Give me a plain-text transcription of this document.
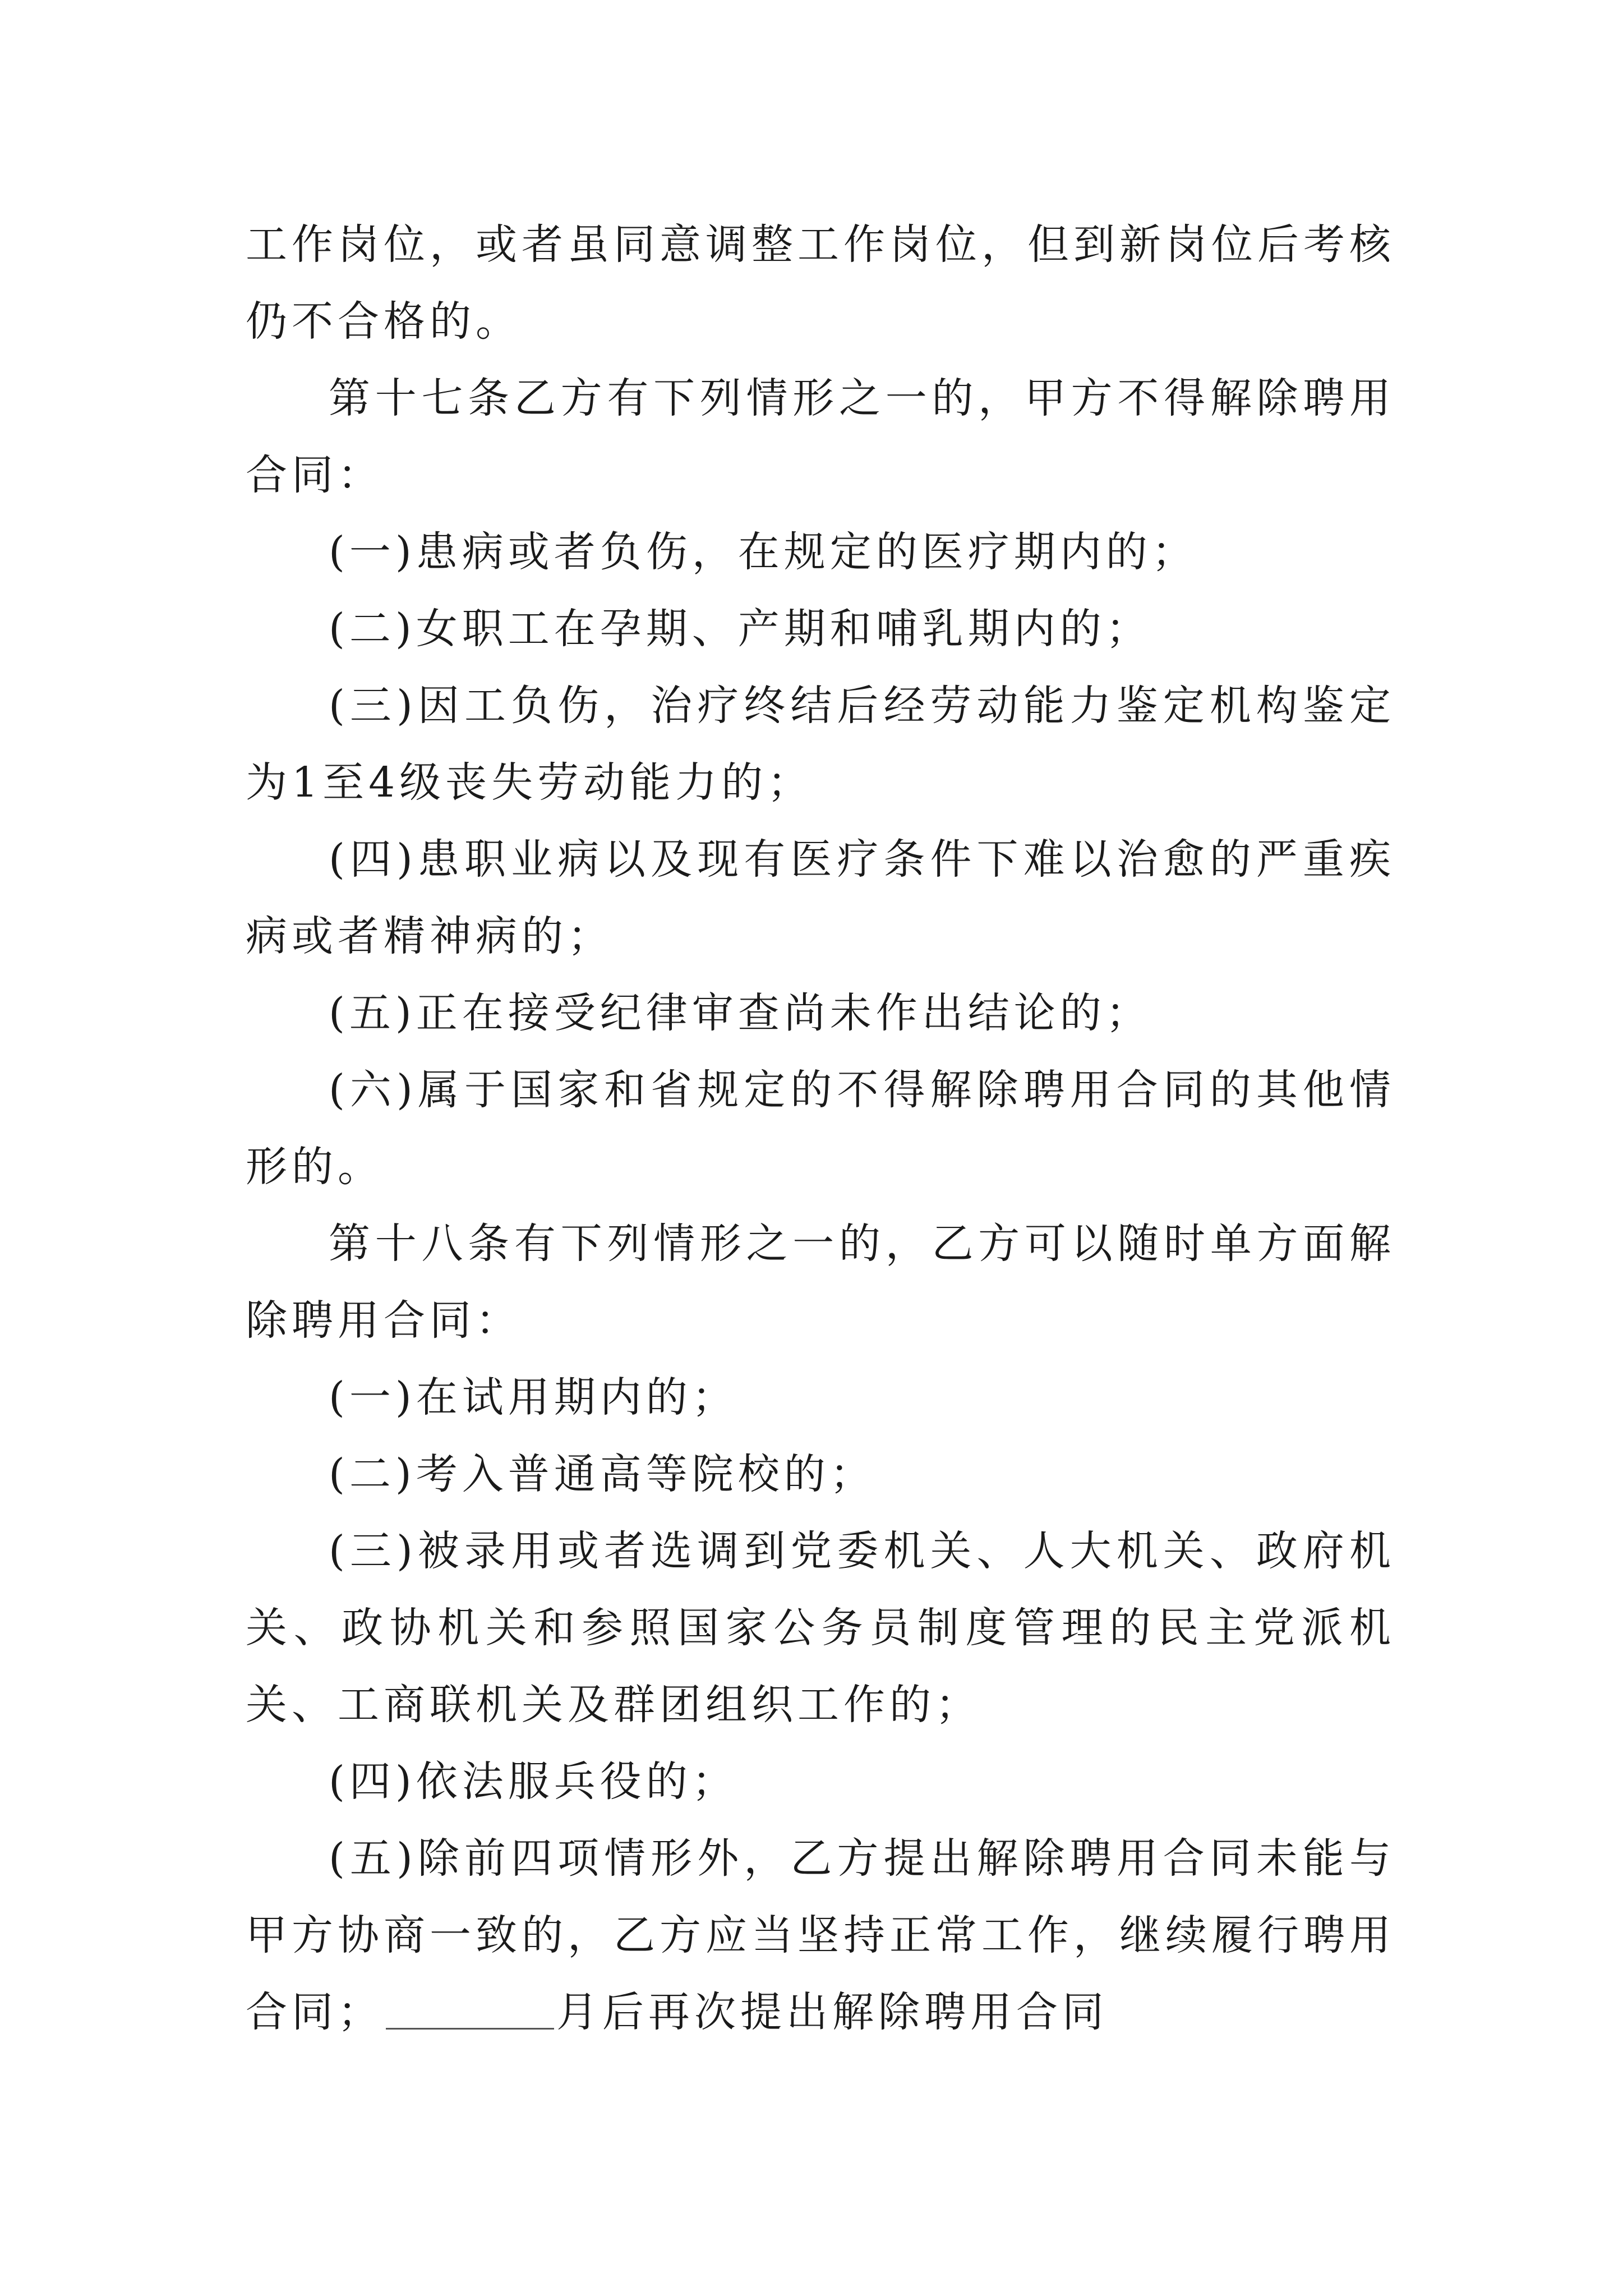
工作岗位，或者虽同意调整工作岗位，但到新岗位后考核仍不合格的。

第十七条乙方有下列情形之一的，甲方不得解除聘用合同：

(一)患病或者负伤，在规定的医疗期内的；

(二)女职工在孕期、产期和哺乳期内的；

(三)因工负伤，治疗终结后经劳动能力鉴定机构鉴定为1至4级丧失劳动能力的；

(四)患职业病以及现有医疗条件下难以治愈的严重疾病或者精神病的；

(五)正在接受纪律审查尚未作出结论的；

(六)属于国家和省规定的不得解除聘用合同的其他情形的。

第十八条有下列情形之一的，乙方可以随时单方面解除聘用合同：

(一)在试用期内的；

(二)考入普通高等院校的；

(三)被录用或者选调到党委机关、人大机关、政府机关、政协机关和参照国家公务员制度管理的民主党派机关、工商联机关及群团组织工作的；

(四)依法服兵役的；

(五)除前四项情形外，乙方提出解除聘用合同未能与甲方协商一致的，乙方应当坚持正常工作，继续履行聘用合同；	月后再次提出解除聘用合同
